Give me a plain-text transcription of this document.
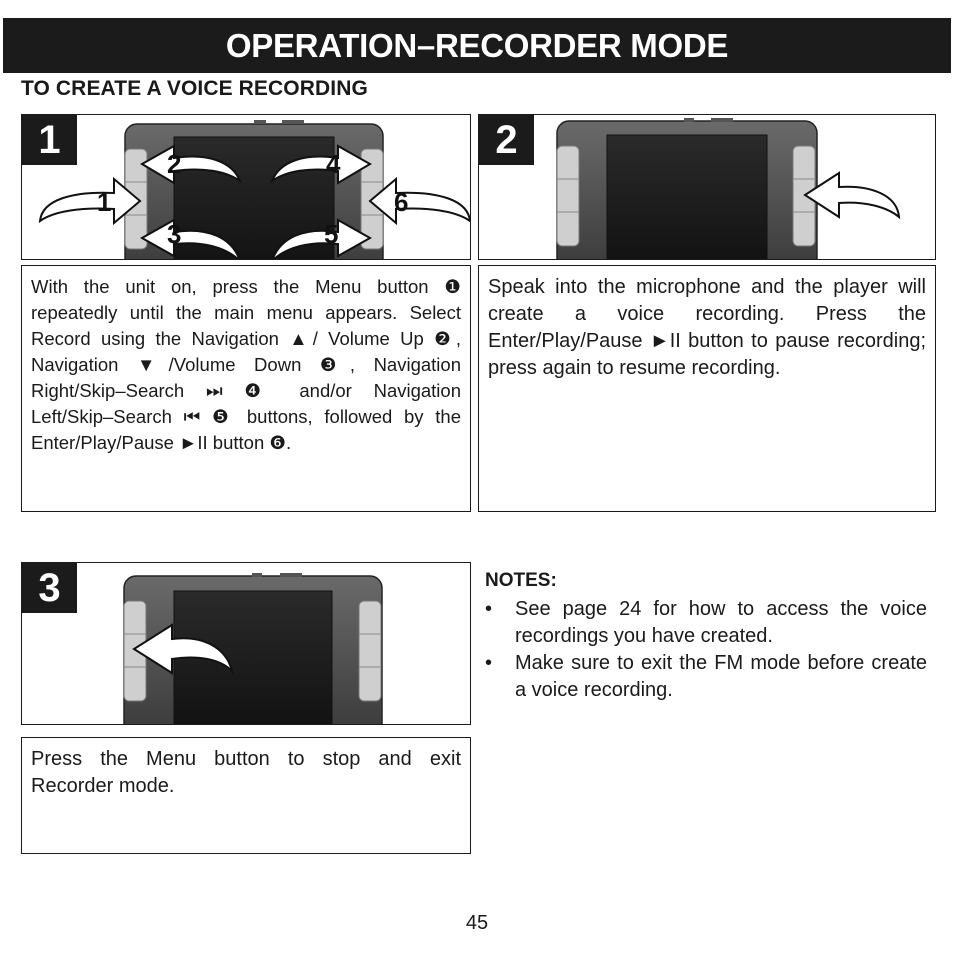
OPERATION–RECORDER MODE
TO CREATE A VOICE RECORDING
1
2
3
4
5
6
1	2
With the unit on, press the Menu button ❶ repeatedly until the main menu appears. Select Record using the Navigation ▲/ Volume Up ❷, Navigation ▼/Volume Down ❸, Navigation Right/Skip–Search ⏭ ❹ and/or Navigation Left/Skip–Search ⏮ ❺ buttons, followed by the Enter/Play/Pause ►II button ❻.
Speak into the microphone and the player will create a voice recording. Press the Enter/Play/Pause ►II button to pause recording; press again to resume recording.
3
Press the Menu button to stop and exit Recorder mode.
NOTES:
• See page 24 for how to access the voice recordings you have created.
• Make sure to exit the FM mode before create a voice recording.
45
